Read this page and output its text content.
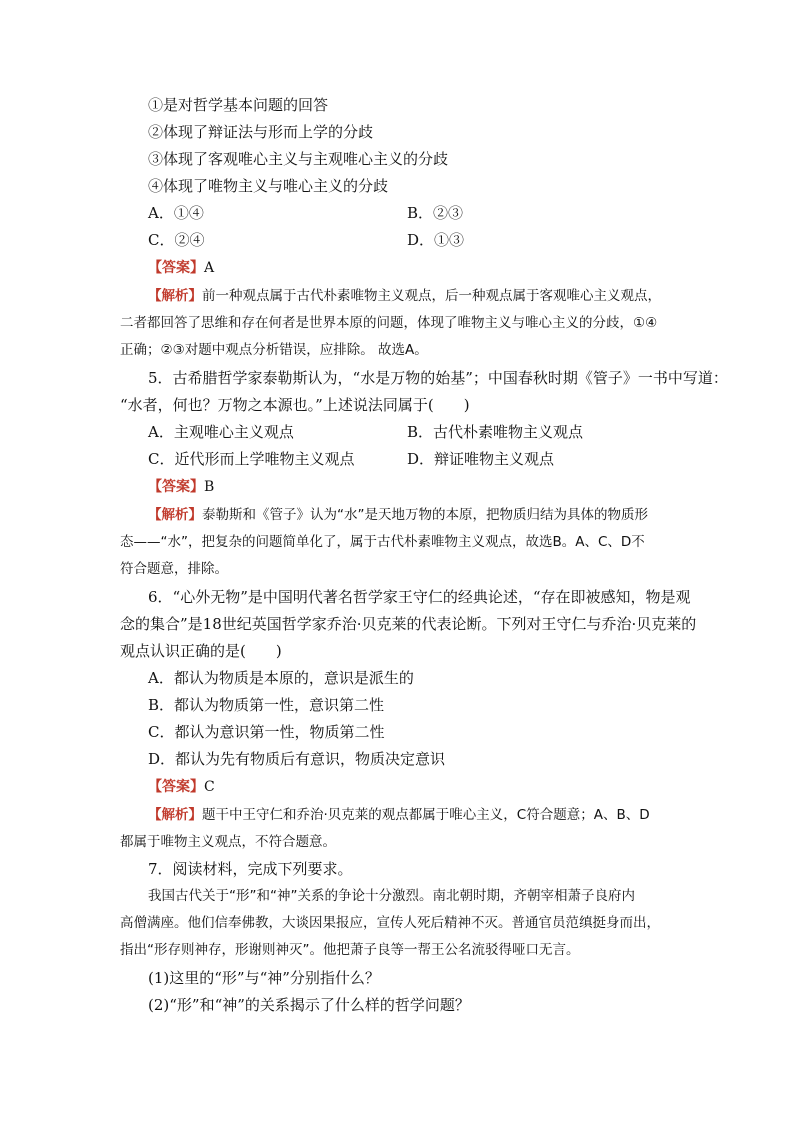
①是对哲学基本问题的回答
②体现了辩证法与形而上学的分歧
③体现了客观唯心主义与主观唯心主义的分歧
④体现了唯物主义与唯心主义的分歧
A．①④	B．②③
C．②④	D．①③
【答案】A
【解析】前一种观点属于古代朴素唯物主义观点，后一种观点属于客观唯心主义观点，
二者都回答了思维和存在何者是世界本原的问题，体现了唯物主义与唯心主义的分歧，①④
正确；②③对题中观点分析错误，应排除。 故选A。
5．古希腊哲学家泰勒斯认为，“水是万物的始基”；中国春秋时期《管子》一书中写道：
“水者，何也？万物之本源也。”上述说法同属于(　　)
A．主观唯心主义观点	B．古代朴素唯物主义观点
C．近代形而上学唯物主义观点	D．辩证唯物主义观点
【答案】B
【解析】泰勒斯和《管子》认为“水”是天地万物的本原，把物质归结为具体的物质形
态——“水”，把复杂的问题简单化了，属于古代朴素唯物主义观点，故选B。A、C、D不
符合题意，排除。
6．“心外无物”是中国明代著名哲学家王守仁的经典论述，“存在即被感知，物是观
念的集合”是18世纪英国哲学家乔治·贝克莱的代表论断。下列对王守仁与乔治·贝克莱的
观点认识正确的是(　　)
A．都认为物质是本原的，意识是派生的
B．都认为物质第一性，意识第二性
C．都认为意识第一性，物质第二性
D．都认为先有物质后有意识，物质决定意识
【答案】C
【解析】题干中王守仁和乔治·贝克莱的观点都属于唯心主义，C符合题意；A、B、D
都属于唯物主义观点，不符合题意。
7．阅读材料，完成下列要求。
我国古代关于“形”和“神”关系的争论十分激烈。南北朝时期，齐朝宰相萧子良府内
高僧满座。他们信奉佛教，大谈因果报应，宣传人死后精神不灭。普通官员范缜挺身而出，
指出“形存则神存，形谢则神灭”。他把萧子良等一帮王公名流驳得哑口无言。
(1)这里的“形”与“神”分别指什么？
(2)“形”和“神”的关系揭示了什么样的哲学问题？
